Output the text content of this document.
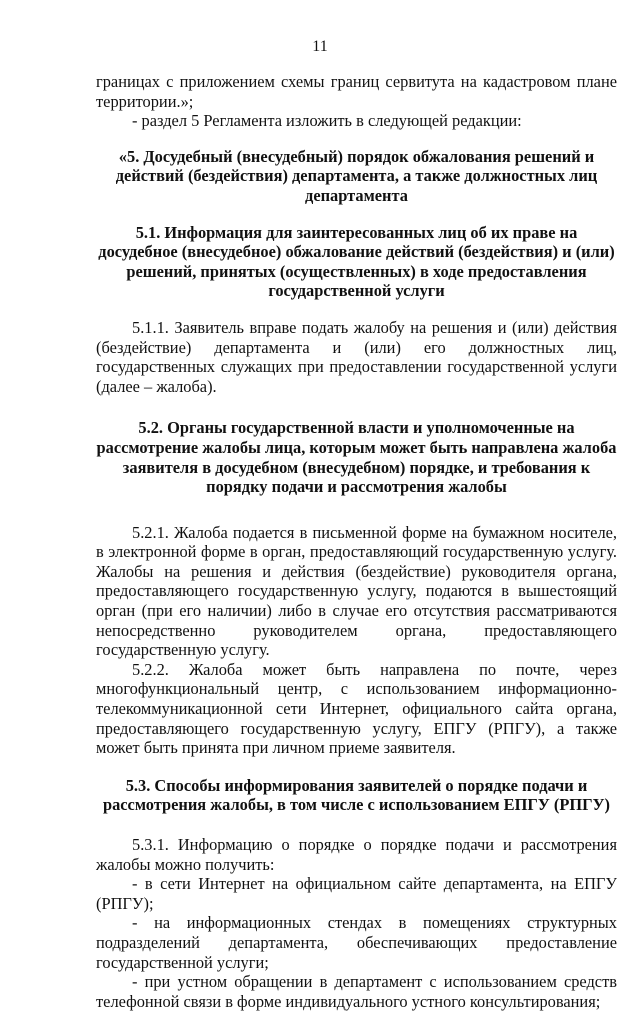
11

границах с приложением схемы границ сервитута на кадастровом плане территории.»;

- раздел 5 Регламента изложить в следующей редакции:

«5. Досудебный (внесудебный) порядок обжалования решений и действий (бездействия) департамента, а также должностных лиц департамента

5.1. Информация для заинтересованных лиц об их праве на досудебное (внесудебное) обжалование действий (бездействия) и (или) решений, принятых (осуществленных) в ходе предоставления государственной услуги

5.1.1. Заявитель вправе подать жалобу на решения и (или) действия (бездействие) департамента и (или) его должностных лиц, государственных служащих при предоставлении государственной услуги (далее – жалоба).

5.2. Органы государственной власти и уполномоченные на рассмотрение жалобы лица, которым может быть направлена жалоба заявителя в досудебном (внесудебном) порядке, и требования к порядку подачи и рассмотрения жалобы

5.2.1. Жалоба подается в письменной форме на бумажном носителе, в электронной форме в орган, предоставляющий государственную услугу. Жалобы на решения и действия (бездействие) руководителя органа, предоставляющего государственную услугу, подаются в вышестоящий орган (при его наличии) либо в случае его отсутствия рассматриваются непосредственно руководителем органа, предоставляющего государственную услугу.

5.2.2. Жалоба может быть направлена по почте, через многофункциональный центр, с использованием информационно-телекоммуникационной сети Интернет, официального сайта органа, предоставляющего государственную услугу, ЕПГУ (РПГУ), а также может быть принята при личном приеме заявителя.

5.3. Способы информирования заявителей о порядке подачи и рассмотрения жалобы, в том числе с использованием ЕПГУ (РПГУ)

5.3.1. Информацию о порядке о порядке подачи и рассмотрения жалобы можно получить:

- в сети Интернет на официальном сайте департамента, на ЕПГУ (РПГУ);

- на информационных стендах в помещениях структурных подразделений департамента, обеспечивающих предоставление государственной услуги;

- при устном обращении в департамент с использованием средств телефонной связи в форме индивидуального устного консультирования;
